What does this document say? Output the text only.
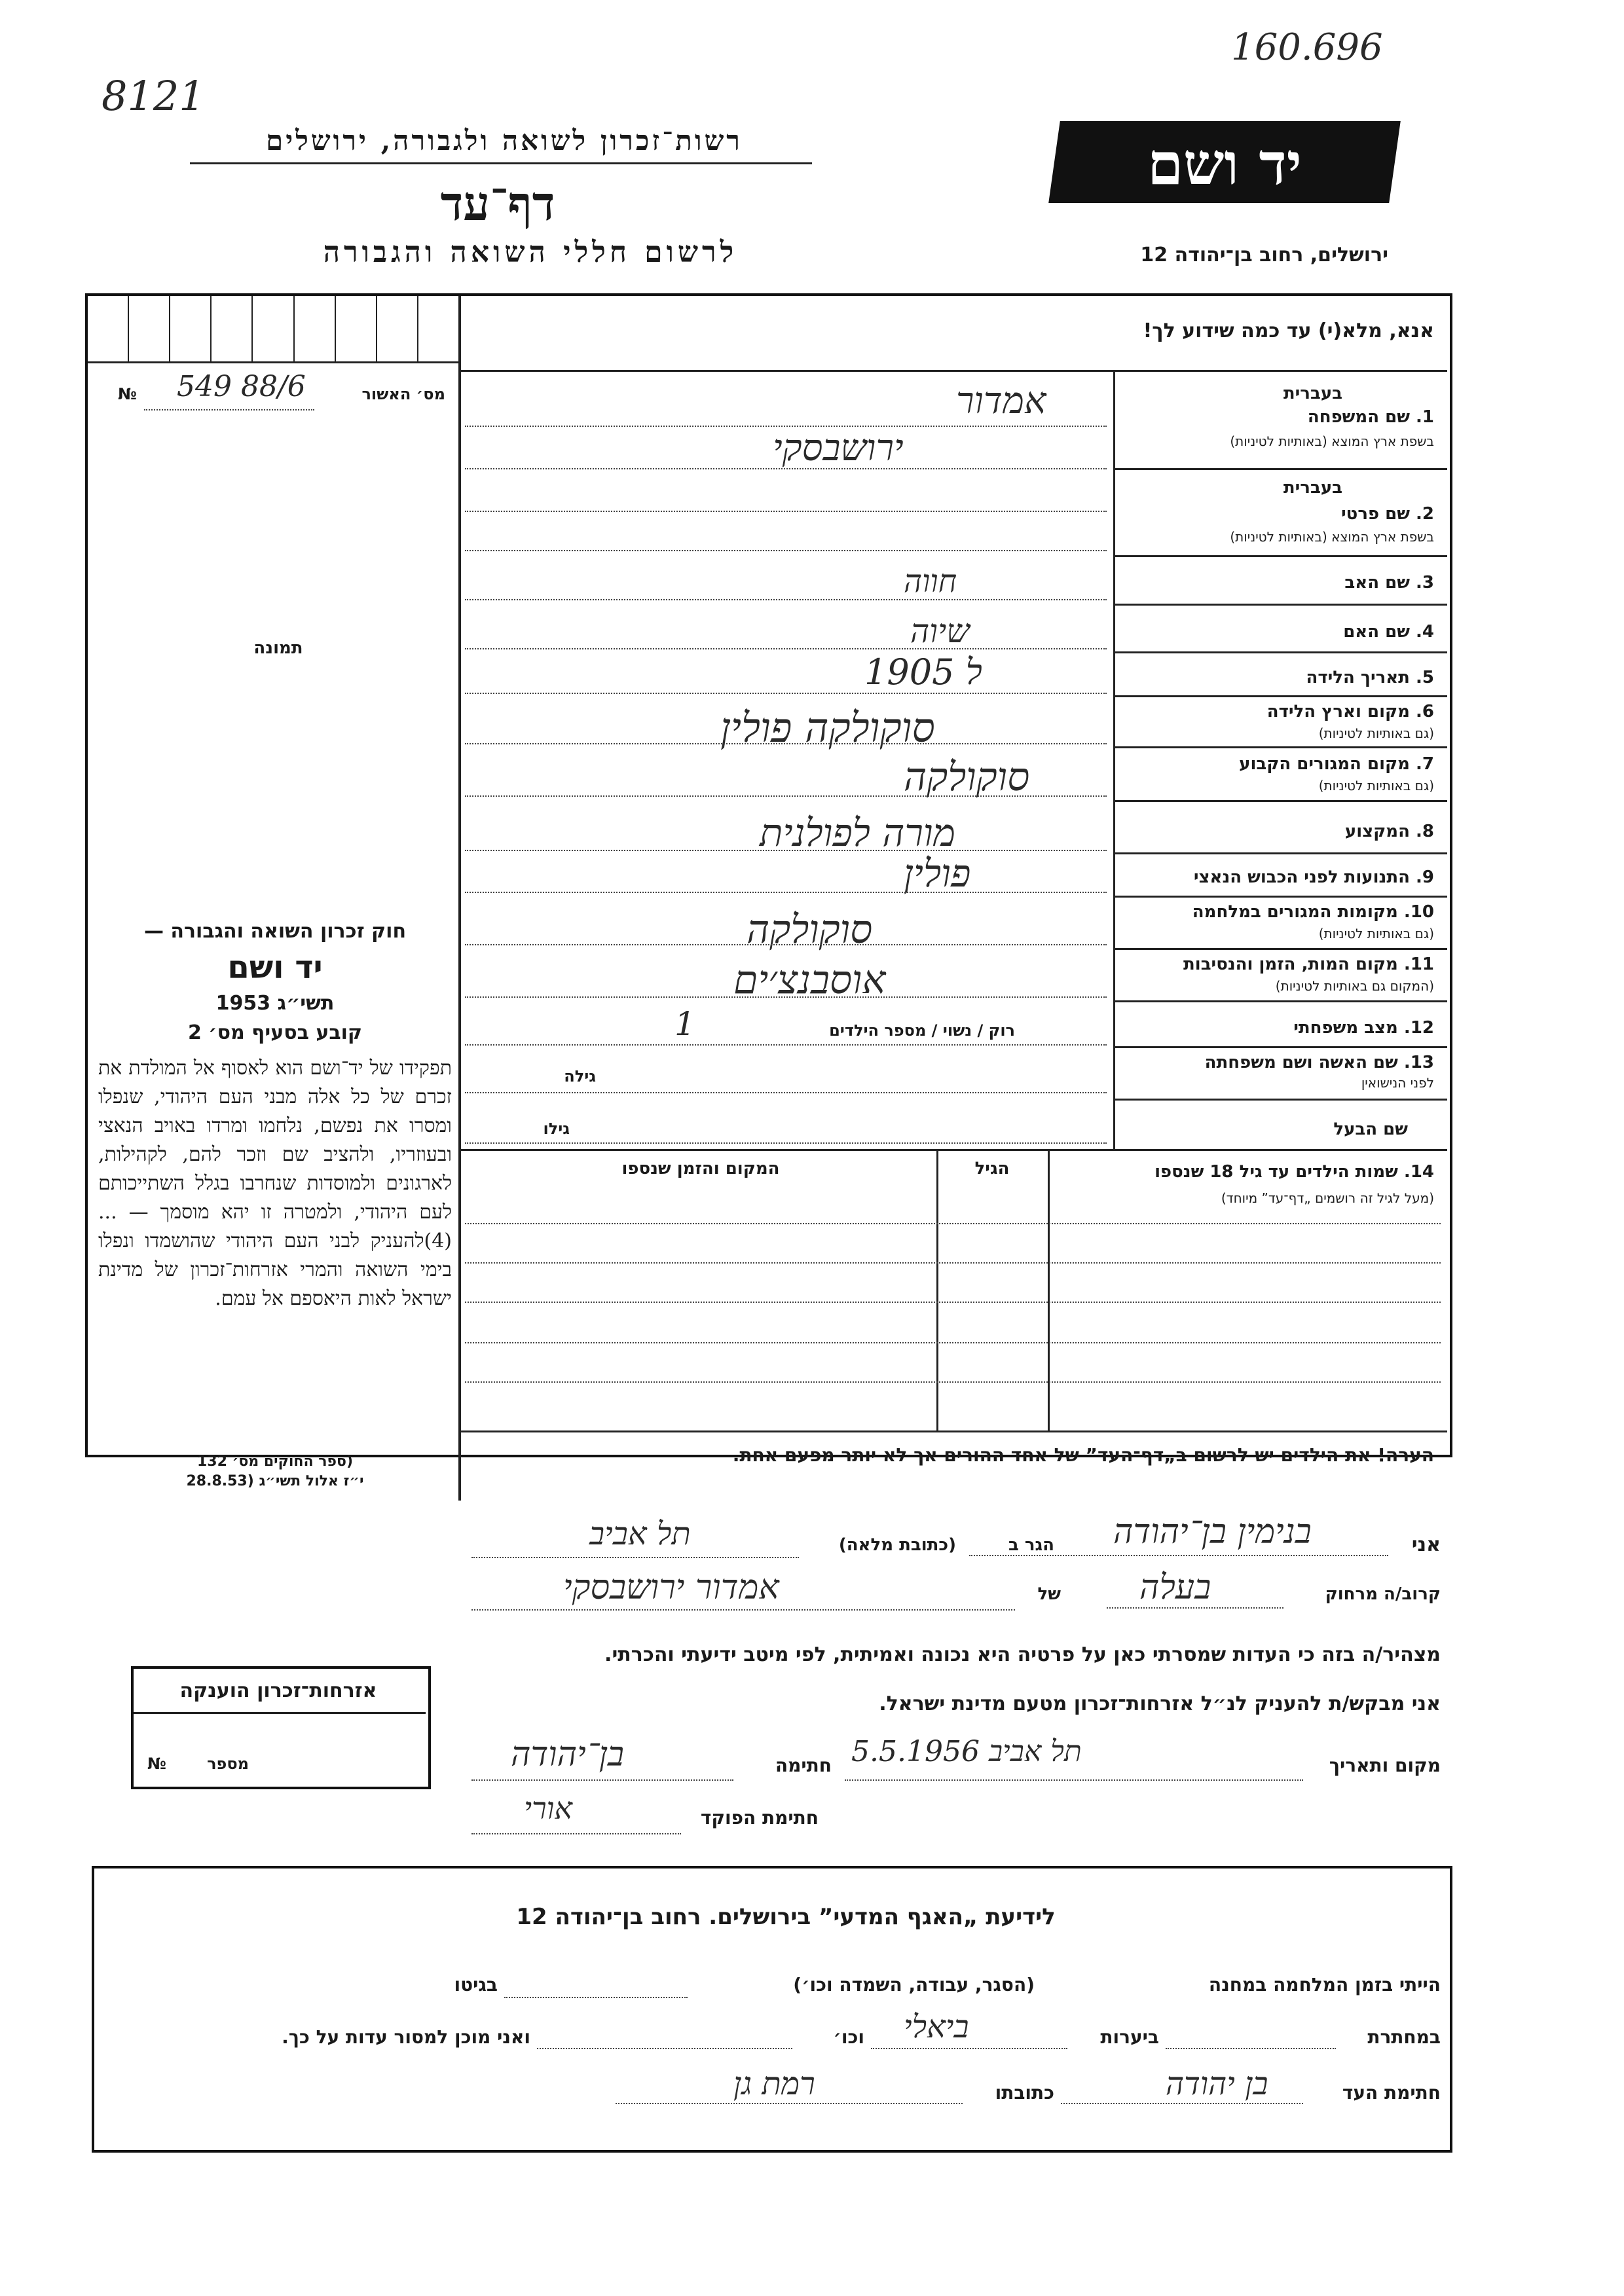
160.696
8121
יד ושם
רשות־זכרון לשואה ולגבורה, ירושלים
דף־עד
לרשום חללי השואה והגבורה	ירושלים, רחוב בן־יהודה 12
אנא, מלא(י) עד כמה שידוע לך!
№ 549 88/6	מס׳ האשור
תמונה
בעברית
1. שם המשפחה
בשפת ארץ המוצא (באותיות לטיניות)
אמדור
ירושבסקי
בעברית
2. שם פרטי
בשפת ארץ המוצא (באותיות לטיניות)
3. שם האב
חווה
4. שם האם
שיוה
5. תאריך הלידה
1905 ל
6. מקום וארץ הלידה
(גם באותיות לטיניות)
סוקולקה פולין
7. מקום המגורים הקבוע
(גם באותיות לטיניות)
סוקולקה
8. המקצוע
מורה לפולנית
9. התנועות לפני הכבוש הנאצי
פולין
10. מקומות המגורים במלחמה
(גם באותיות לטיניות)
סוקולקה
11. מקום המות, הזמן והנסיבות
(המקום גם באותיות לטיניות)
אוסבנצ׳ים
12. מצב משפחתי
רוק / נשוי / מספר הילדים
1
13. שם האשה ושם משפחתה
לפני הנישואין
גילה
שם הבעל
גילו
14. שמות הילדים עד גיל 18 שנספו
(מעל לגיל זה רושמים „דף־עד” מיוחד)
הגיל
המקום והזמן שנספו
הערה! את הילדים יש לרשום ב„דף־העד” של אחד ההורים אך לא יותר מפעם אחת.
חוק זכרון השואה והגבורה —
יד ושם
תשי״ג 1953
קובע בסעיף מס׳ 2
תפקידו של יד־ושם הוא לאסוף אל המולדת את זכרם של כל אלה מבני העם היהודי, שנפלו ומסרו את נפשם, נלחמו ומרדו באויב הנאצי ובעוזריו, ולהציב שם וזכר להם, לקהילות, לארגונים ולמוסדות שנחרבו בגלל השתייכותם לעם היהודי, ולמטרה זו יהא מוסמך — ...(4)להעניק לבני העם היהודי שהושמדו ונפלו בימי השואה והמרי אזרחות־זכרון של מדינת ישראל לאות היאספם אל עמם.
(ספר החוקים מס׳ 132
י״ז אלול תשי״ג (28.8.53
אני
בנימין בן־יהודה
הגר ב
(כתובת מלאה)
תל אביב
קרוב/ה מרחוק
בעלה
של
אמדור ירושבסקי
מצהיר/ה בזה כי העדות שמסרתי כאן על פרטיה היא נכונה ואמיתית, לפי מיטב ידיעתי והכרתי.
אני מבקש/ת להעניק לנ״ל אזרחות־זכרון מטעם מדינת ישראל.
מקום ותאריך
תל אביב 5.5.1956
חתימה
בן־יהודה
חתימת הפוקד
אורי
אזרחות־זכרון הוענקה
מספר
№
לידיעת „האגף המדעי” בירושלים. רחוב בן־יהודה 12
הייתי בזמן המלחמה במחנה
(הסגר, עבודה, השמדה וכו׳)
בגיטו
במחתרת
ביערות
ביאלי
וכו׳
ואני מוכן למסור עדות על כך.
חתימת העד
בן יהודה
כתובתו
רמת גן
